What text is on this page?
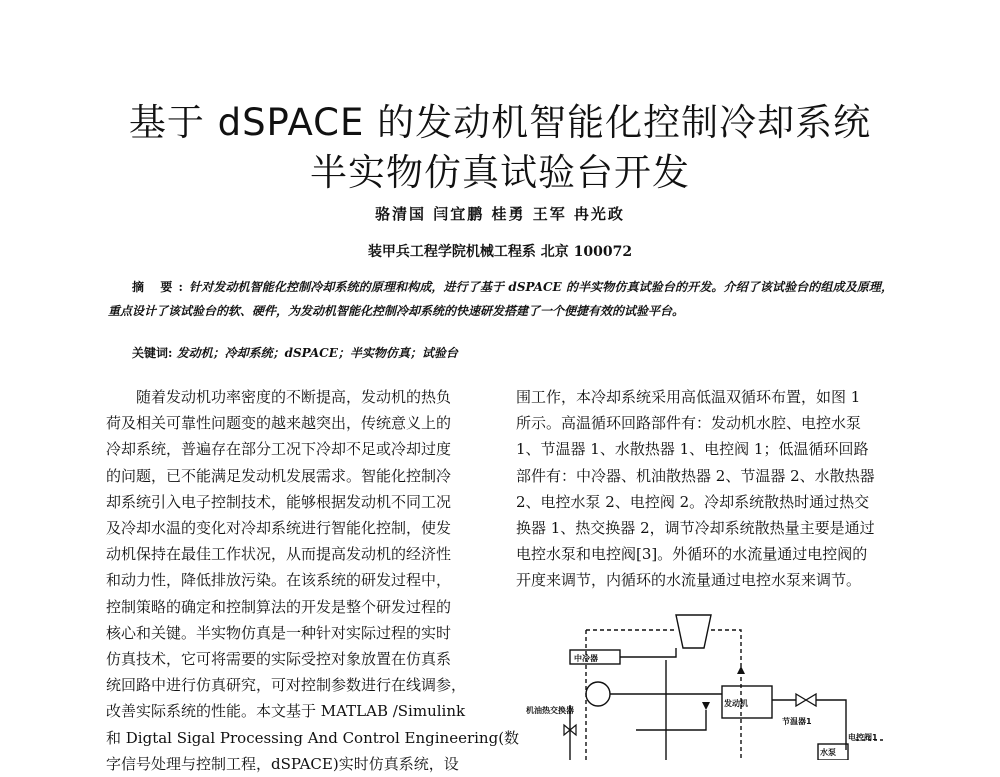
基于 dSPACE 的发动机智能化控制冷却系统
半实物仿真试验台开发
骆清国 闫宜鹏 桂勇 王军 冉光政
装甲兵工程学院机械工程系 北京 100072
摘 要:针对发动机智能化控制冷却系统的原理和构成，进行了基于 dSPACE 的半实物仿真试验台的开发。介绍了该试验台的组成及原理，重点设计了该试验台的软、硬件，为发动机智能化控制冷却系统的快速研发搭建了一个便捷有效的试验平台。
关键词: 发动机；冷却系统；dSPACE；半实物仿真；试验台
　　随着发动机功率密度的不断提高，发动机的热负
荷及相关可靠性问题变的越来越突出，传统意义上的
冷却系统，普遍存在部分工况下冷却不足或冷却过度
的问题，已不能满足发动机发展需求。智能化控制冷
却系统引入电子控制技术，能够根据发动机不同工况
及冷却水温的变化对冷却系统进行智能化控制，使发
动机保持在最佳工作状况，从而提高发动机的经济性
和动力性，降低排放污染。在该系统的研发过程中，
控制策略的确定和控制算法的开发是整个研发过程的
核心和关键。半实物仿真是一种针对实际过程的实时
仿真技术，它可将需要的实际受控对象放置在仿真系
统回路中进行仿真研究，可对控制参数进行在线调参，
改善实际系统的性能。本文基于 MATLAB /Simulink
和 Digtal Sigal Processing And Control Engineering(数
字信号处理与控制工程，dSPACE)实时仿真系统，设
围工作，本冷却系统采用高低温双循环布置，如图 1
所示。高温循环回路部件有：发动机水腔、电控水泵
1、节温器 1、水散热器 1、电控阀 1；低温循环回路
部件有：中冷器、机油散热器 2、节温器 2、水散热器
2、电控水泵 2、电控阀 2。冷却系统散热时通过热交
换器 1、热交换器 2，调节冷却系统散热量主要是通过
电控水泵和电控阀[3]。外循环的水流量通过电控阀的
开度来调节，内循环的水流量通过电控水泵来调节。
中冷器
发动机
机油热交换器
节温器1
电控阀1
水泵
